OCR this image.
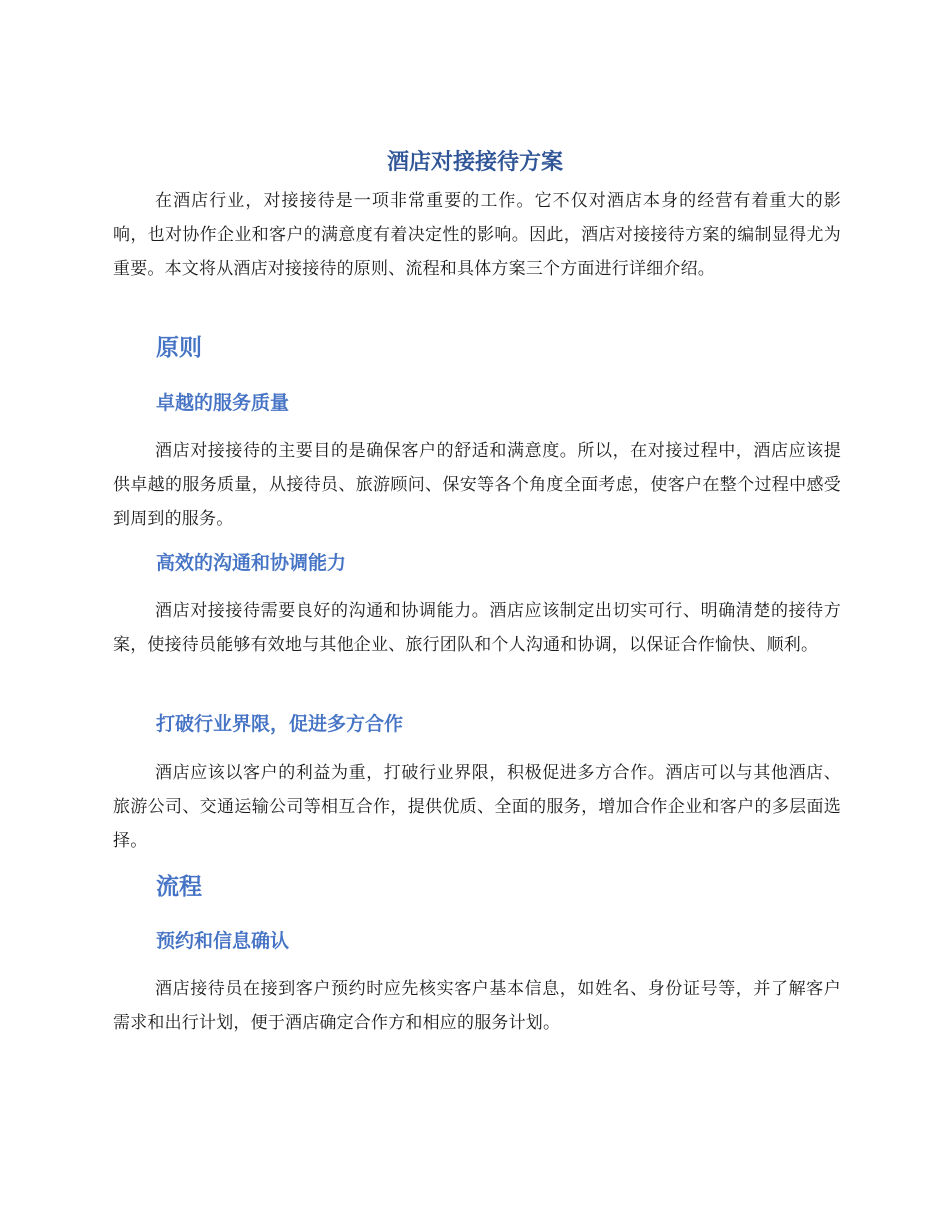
酒店对接接待方案

在酒店行业，对接接待是一项非常重要的工作。它不仅对酒店本身的经营有着重大的影响，也对协作企业和客户的满意度有着决定性的影响。因此，酒店对接接待方案的编制显得尤为重要。本文将从酒店对接接待的原则、流程和具体方案三个方面进行详细介绍。

原则
卓越的服务质量

酒店对接接待的主要目的是确保客户的舒适和满意度。所以，在对接过程中，酒店应该提供卓越的服务质量，从接待员、旅游顾问、保安等各个角度全面考虑，使客户在整个过程中感受到周到的服务。

高效的沟通和协调能力

酒店对接接待需要良好的沟通和协调能力。酒店应该制定出切实可行、明确清楚的接待方案，使接待员能够有效地与其他企业、旅行团队和个人沟通和协调，以保证合作愉快、顺利。

打破行业界限，促进多方合作

酒店应该以客户的利益为重，打破行业界限，积极促进多方合作。酒店可以与其他酒店、旅游公司、交通运输公司等相互合作，提供优质、全面的服务，增加合作企业和客户的多层面选择。

流程
预约和信息确认

酒店接待员在接到客户预约时应先核实客户基本信息，如姓名、身份证号等，并了解客户需求和出行计划，便于酒店确定合作方和相应的服务计划。
